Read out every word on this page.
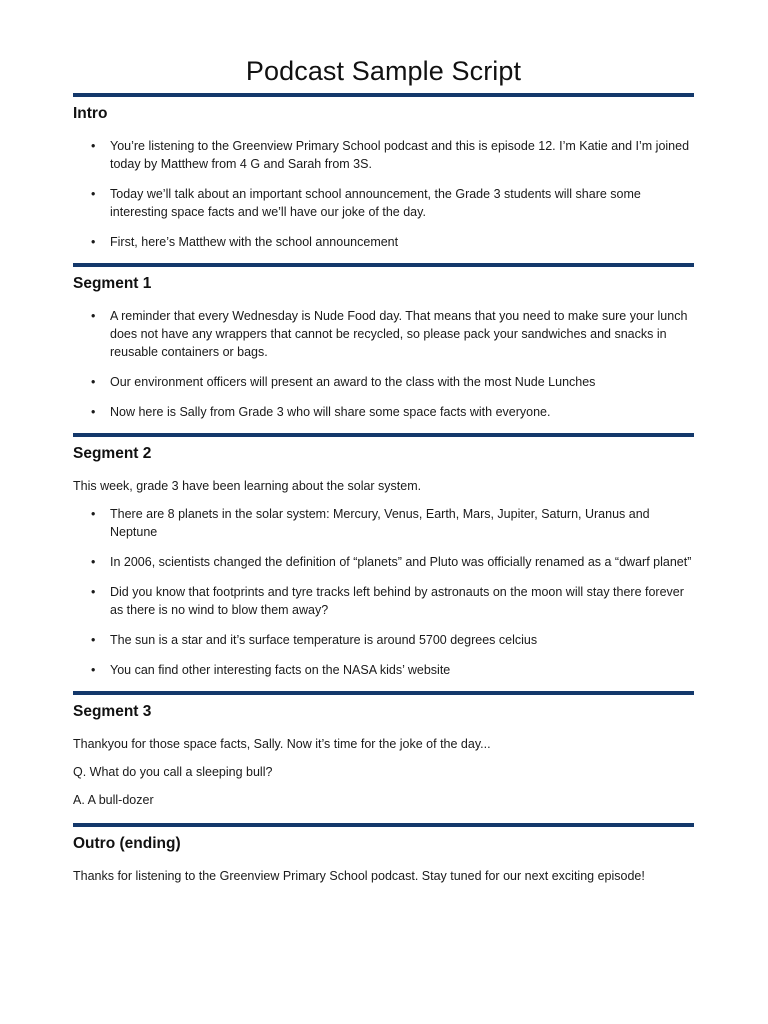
Podcast Sample Script
Intro
• You’re listening to the Greenview Primary School podcast and this is episode 12. I’m Katie and I’m joined today by Matthew from 4 G and Sarah from 3S.
• Today we’ll talk about an important school announcement, the Grade 3 students will share some interesting space facts and we’ll have our joke of the day.
• First, here’s Matthew with the school announcement
Segment 1
• A reminder that every Wednesday is Nude Food day. That means that you need to make sure your lunch does not have any wrappers that cannot be recycled, so please pack your sandwiches and snacks in reusable containers or bags.
• Our environment officers will present an award to the class with the most Nude Lunches
• Now here is Sally from Grade 3 who will share some space facts with everyone.
Segment 2

This week, grade 3 have been learning about the solar system.

• There are 8 planets in the solar system: Mercury, Venus, Earth, Mars, Jupiter, Saturn, Uranus and Neptune
• In 2006, scientists changed the definition of “planets” and Pluto was officially renamed as a “dwarf planet”
• Did you know that footprints and tyre tracks left behind by astronauts on the moon will stay there forever as there is no wind to blow them away?
• The sun is a star and it’s surface temperature is around 5700 degrees celcius
• You can find other interesting facts on the NASA kids’ website
Segment 3

Thankyou for those space facts, Sally. Now it’s time for the joke of the day...

Q. What do you call a sleeping bull?

A. A bull-dozer

Outro (ending)

Thanks for listening to the Greenview Primary School podcast. Stay tuned for our next exciting episode!
